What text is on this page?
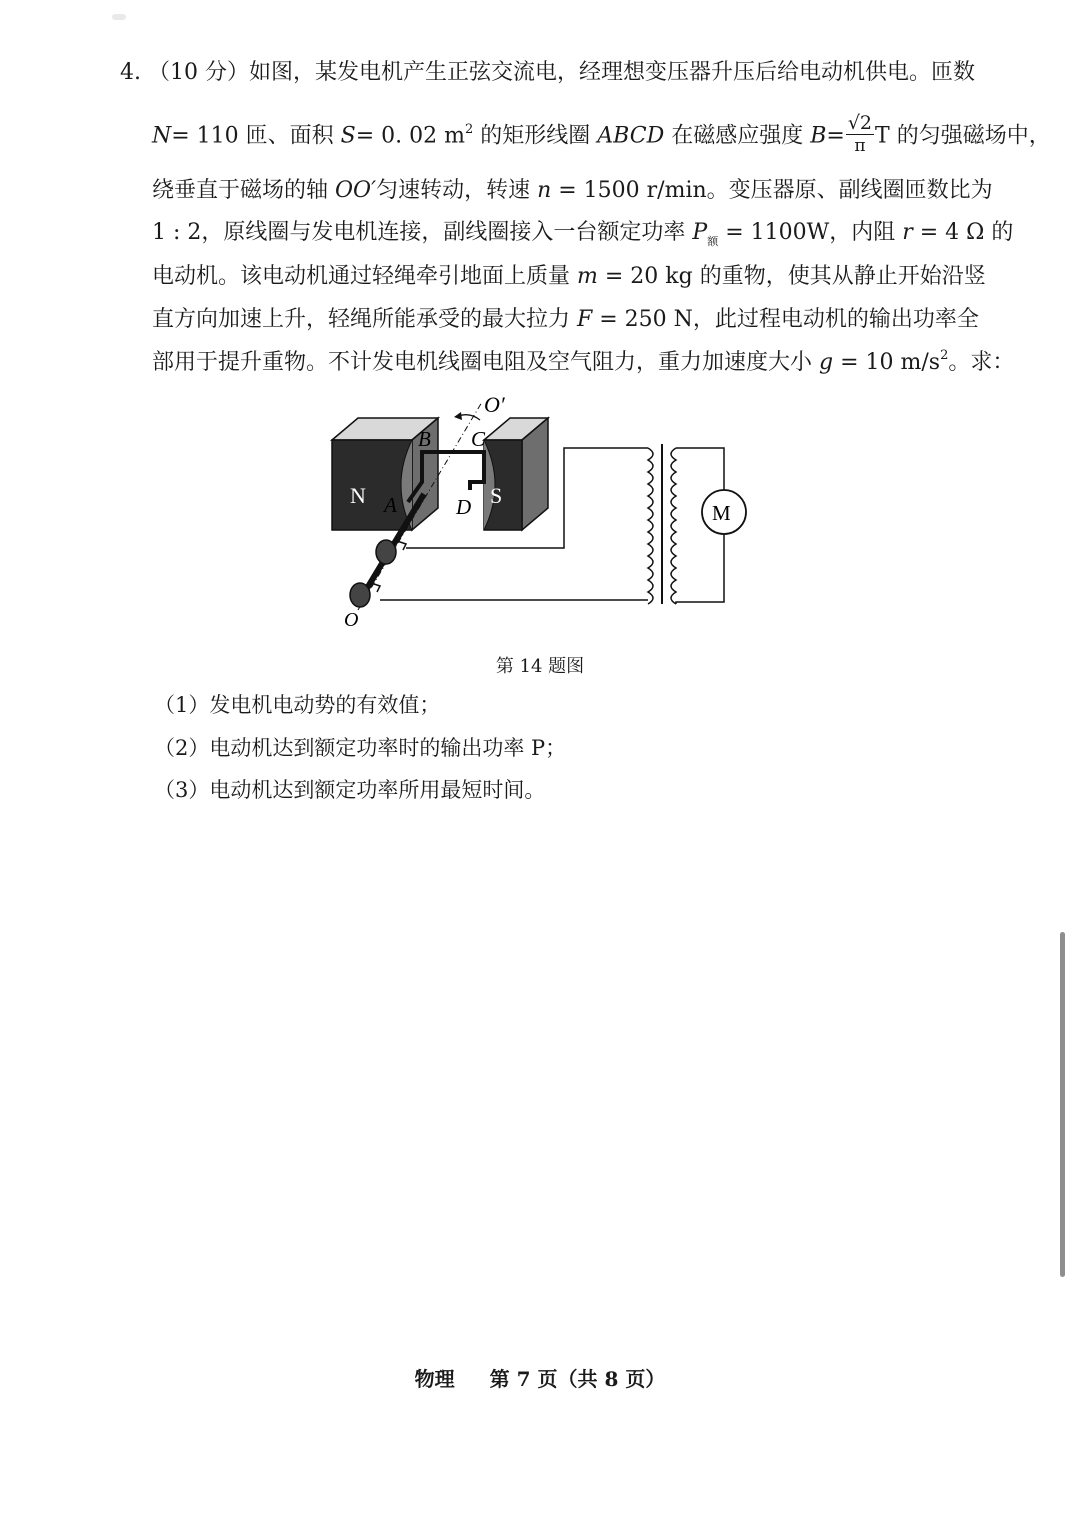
4. （10 分）如图，某发电机产生正弦交流电，经理想变压器升压后给电动机供电。匝数
N= 110 匝、面积 S= 0. 02 $m^2$ 的矩形线圈 ABCD 在磁感应强度 $B= \frac{√2}{\pi}$ T 的匀强磁场中，
绕垂直于磁场的轴 OO′匀速转动，转速 n = 1500 r/min。变压器原、副线圈匝数比为
1 : 2，原线圈与发电机连接，副线圈接入一台额定功率 $P_额 = 1100W$，内阻 r = 4 Ω 的
电动机。该电动机通过轻绳牵引地面上质量 m = 20 kg 的重物，使其从静止开始沿竖
直方向加速上升，轻绳所能承受的最大拉力 F = 250 N，此过程电动机的输出功率全
部用于提升重物。不计发电机线圈电阻及空气阻力，重力加速度大小 g = 10 $m/s^2$。求：
N	S
O′
O
B C
A	D	M
第 14 题图
（1）发电机电动势的有效值；
（2）电动机达到额定功率时的输出功率 P；
（3）电动机达到额定功率所用最短时间。
物理 第 7 页（共 8 页）
